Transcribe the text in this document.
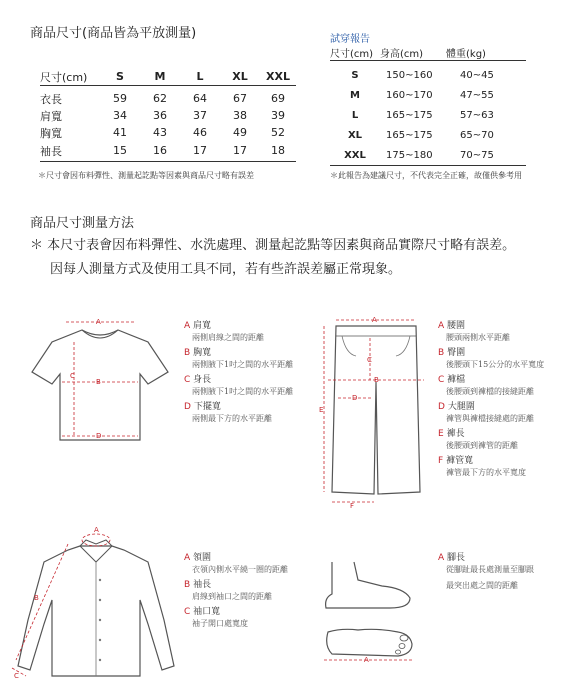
商品尺寸(商品皆為平放測量)
尺寸(cm)	S	M	L	XL	XXL
衣長	59	62	64	67	69
肩寬	34	36	37	38	39
胸寬	41	43	46	49	52
袖長	15	16	17	17	18
＊尺寸會因布料彈性、測量起訖點等因素與商品尺寸略有誤差
試穿報告
尺寸(cm)	身高(cm)	體重(kg)
S	150~160	40~45
M	160~170	47~55
L	165~175	57~63
XL	165~175	65~70
XXL	175~180	70~75
＊此報告為建議尺寸，不代表完全正確，故僅供參考用
商品尺寸測量方法
＊ 本尺寸表會因布料彈性、水洗處理、測量起訖點等因素與商品實際尺寸略有誤差。
因每人測量方式及使用工具不同，若有些許誤差屬正常現象。
A
B
C
D
A 肩寬
兩側肩線之間的距離
B 胸寬
兩側腋下1吋之間的水平距離
C 身長
兩側腋下1吋之間的水平距離
D 下擺寬
兩側最下方的水平距離
A
B
C
D
E
F
A 腰圍
腰頭兩側水平距離
B 臀圍
後腰頭下15公分的水平寬度
C 褲檔
後腰頭到褲檔的接縫距離
D 大腿圍
褲管與褲檔接縫處的距離
E 褲長
後腰頭到褲管的距離
F 褲管寬
褲管最下方的水平寬度
A
B
C
A 領圍
衣領內側水平繞一圈的距離
B 袖長
肩線到袖口之間的距離
C 袖口寬
袖子開口處寬度
A
A 腳長
從腳趾最長處測量至腳跟
最突出處之間的距離
